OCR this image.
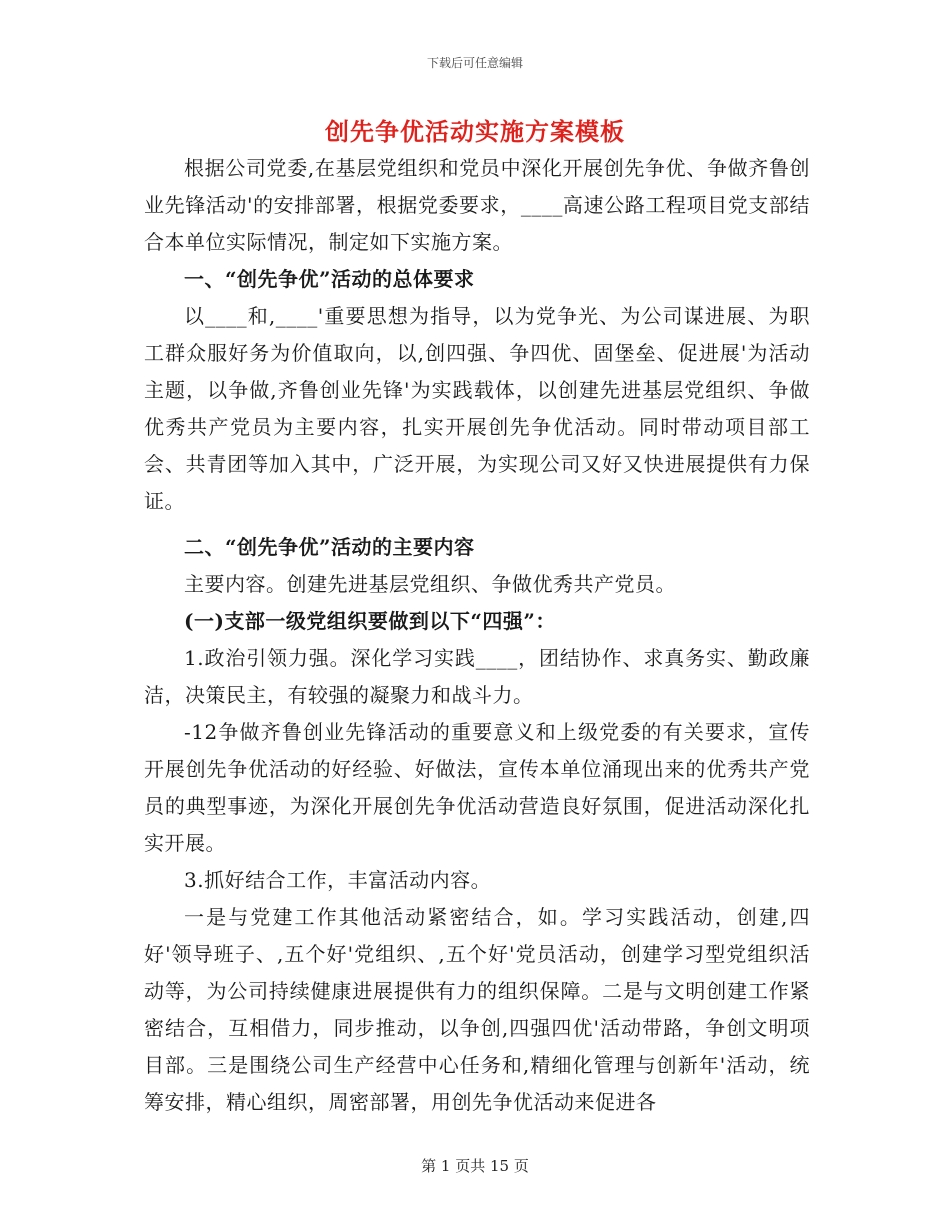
下载后可任意编辑
创先争优活动实施方案模板

根据公司党委,在基层党组织和党员中深化开展创先争优、争做齐鲁创业先锋活动'的安排部署，根据党委要求，____高速公路工程项目党支部结合本单位实际情况，制定如下实施方案。

一、“创先争优”活动的总体要求

以____和,____'重要思想为指导，以为党争光、为公司谋进展、为职工群众服好务为价值取向，以,创四强、争四优、固堡垒、促进展'为活动主题，以争做,齐鲁创业先锋'为实践载体，以创建先进基层党组织、争做优秀共产党员为主要内容，扎实开展创先争优活动。同时带动项目部工会、共青团等加入其中，广泛开展，为实现公司又好又快进展提供有力保证。

二、“创先争优”活动的主要内容

主要内容。创建先进基层党组织、争做优秀共产党员。

(一)支部一级党组织要做到以下“四强”：

1.政治引领力强。深化学习实践____，团结协作、求真务实、勤政廉洁，决策民主，有较强的凝聚力和战斗力。

-12争做齐鲁创业先锋活动的重要意义和上级党委的有关要求，宣传开展创先争优活动的好经验、好做法，宣传本单位涌现出来的优秀共产党员的典型事迹，为深化开展创先争优活动营造良好氛围，促进活动深化扎实开展。

3.抓好结合工作，丰富活动内容。

一是与党建工作其他活动紧密结合，如。学习实践活动，创建,四好'领导班子、,五个好'党组织、,五个好'党员活动，创建学习型党组织活动等，为公司持续健康进展提供有力的组织保障。二是与文明创建工作紧密结合，互相借力，同步推动，以争创,四强四优'活动带路，争创文明项目部。三是围绕公司生产经营中心任务和,精细化管理与创新年'活动，统筹安排，精心组织，周密部署，用创先争优活动来促进各

第 1 页共 15 页
